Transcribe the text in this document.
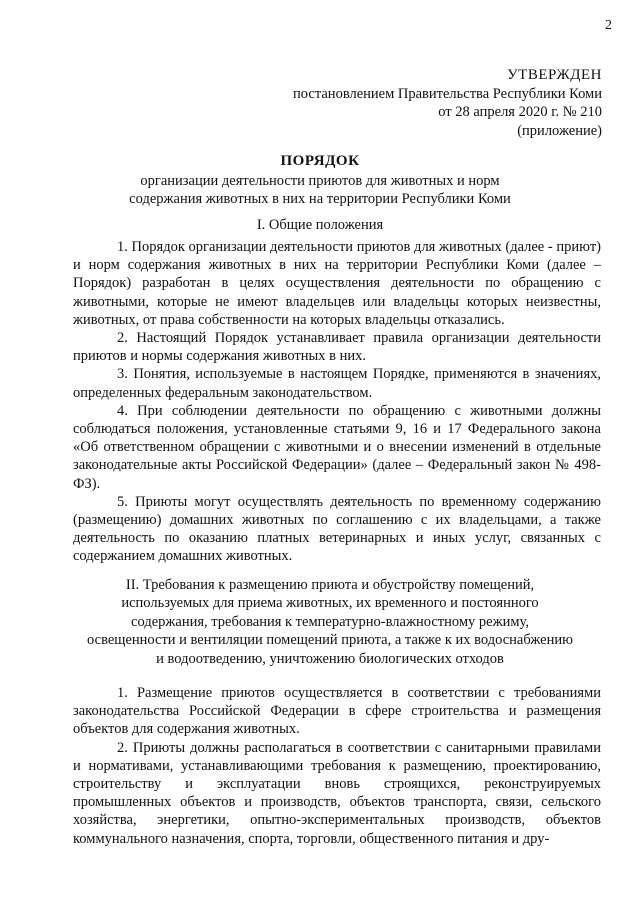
2
УТВЕРЖДЕН
постановлением Правительства Республики Коми
от 28 апреля 2020 г. № 210
(приложение)
ПОРЯДОК
организации деятельности приютов для животных и норм
содержания животных в них на территории Республики Коми
I. Общие положения

1. Порядок организации деятельности приютов для животных (далее - приют) и норм содержания животных в них на территории Республики Коми (далее – Порядок) разработан в целях осуществления деятельности по обращению с животными, которые не имеют владельцев или владельцы которых неизвестны, животных, от права собственности на которых владельцы отказались.

2. Настоящий Порядок устанавливает правила организации деятельности приютов и нормы содержания животных в них.

3. Понятия, используемые в настоящем Порядке, применяются в значениях, определенных федеральным законодательством.

4. При соблюдении деятельности по обращению с животными должны соблюдаться положения, установленные статьями 9, 16 и 17 Федерального закона «Об ответственном обращении с животными и о внесении изменений в отдельные законодательные акты Российской Федерации» (далее – Федеральный закон № 498-ФЗ).

5. Приюты могут осуществлять деятельность по временному содержанию (размещению) домашних животных по соглашению с их владельцами, а также деятельность по оказанию платных ветеринарных и иных услуг, связанных с содержанием домашних животных.

II. Требования к размещению приюта и обустройству помещений,
используемых для приема животных, их временного и постоянного
содержания, требования к температурно-влажностному режиму,
освещенности и вентиляции помещений приюта, а также к их водоснабжению
и водоотведению, уничтожению биологических отходов

1. Размещение приютов осуществляется в соответствии с требованиями законодательства Российской Федерации в сфере строительства и размещения объектов для содержания животных.

2. Приюты должны располагаться в соответствии с санитарными правилами и нормативами, устанавливающими требования к размещению, проектированию, строительству и эксплуатации вновь строящихся, реконструируемых промышленных объектов и производств, объектов транспорта, связи, сельского хозяйства, энергетики, опытно-экспериментальных производств, объектов коммунального назначения, спорта, торговли, общественного питания и дру-
